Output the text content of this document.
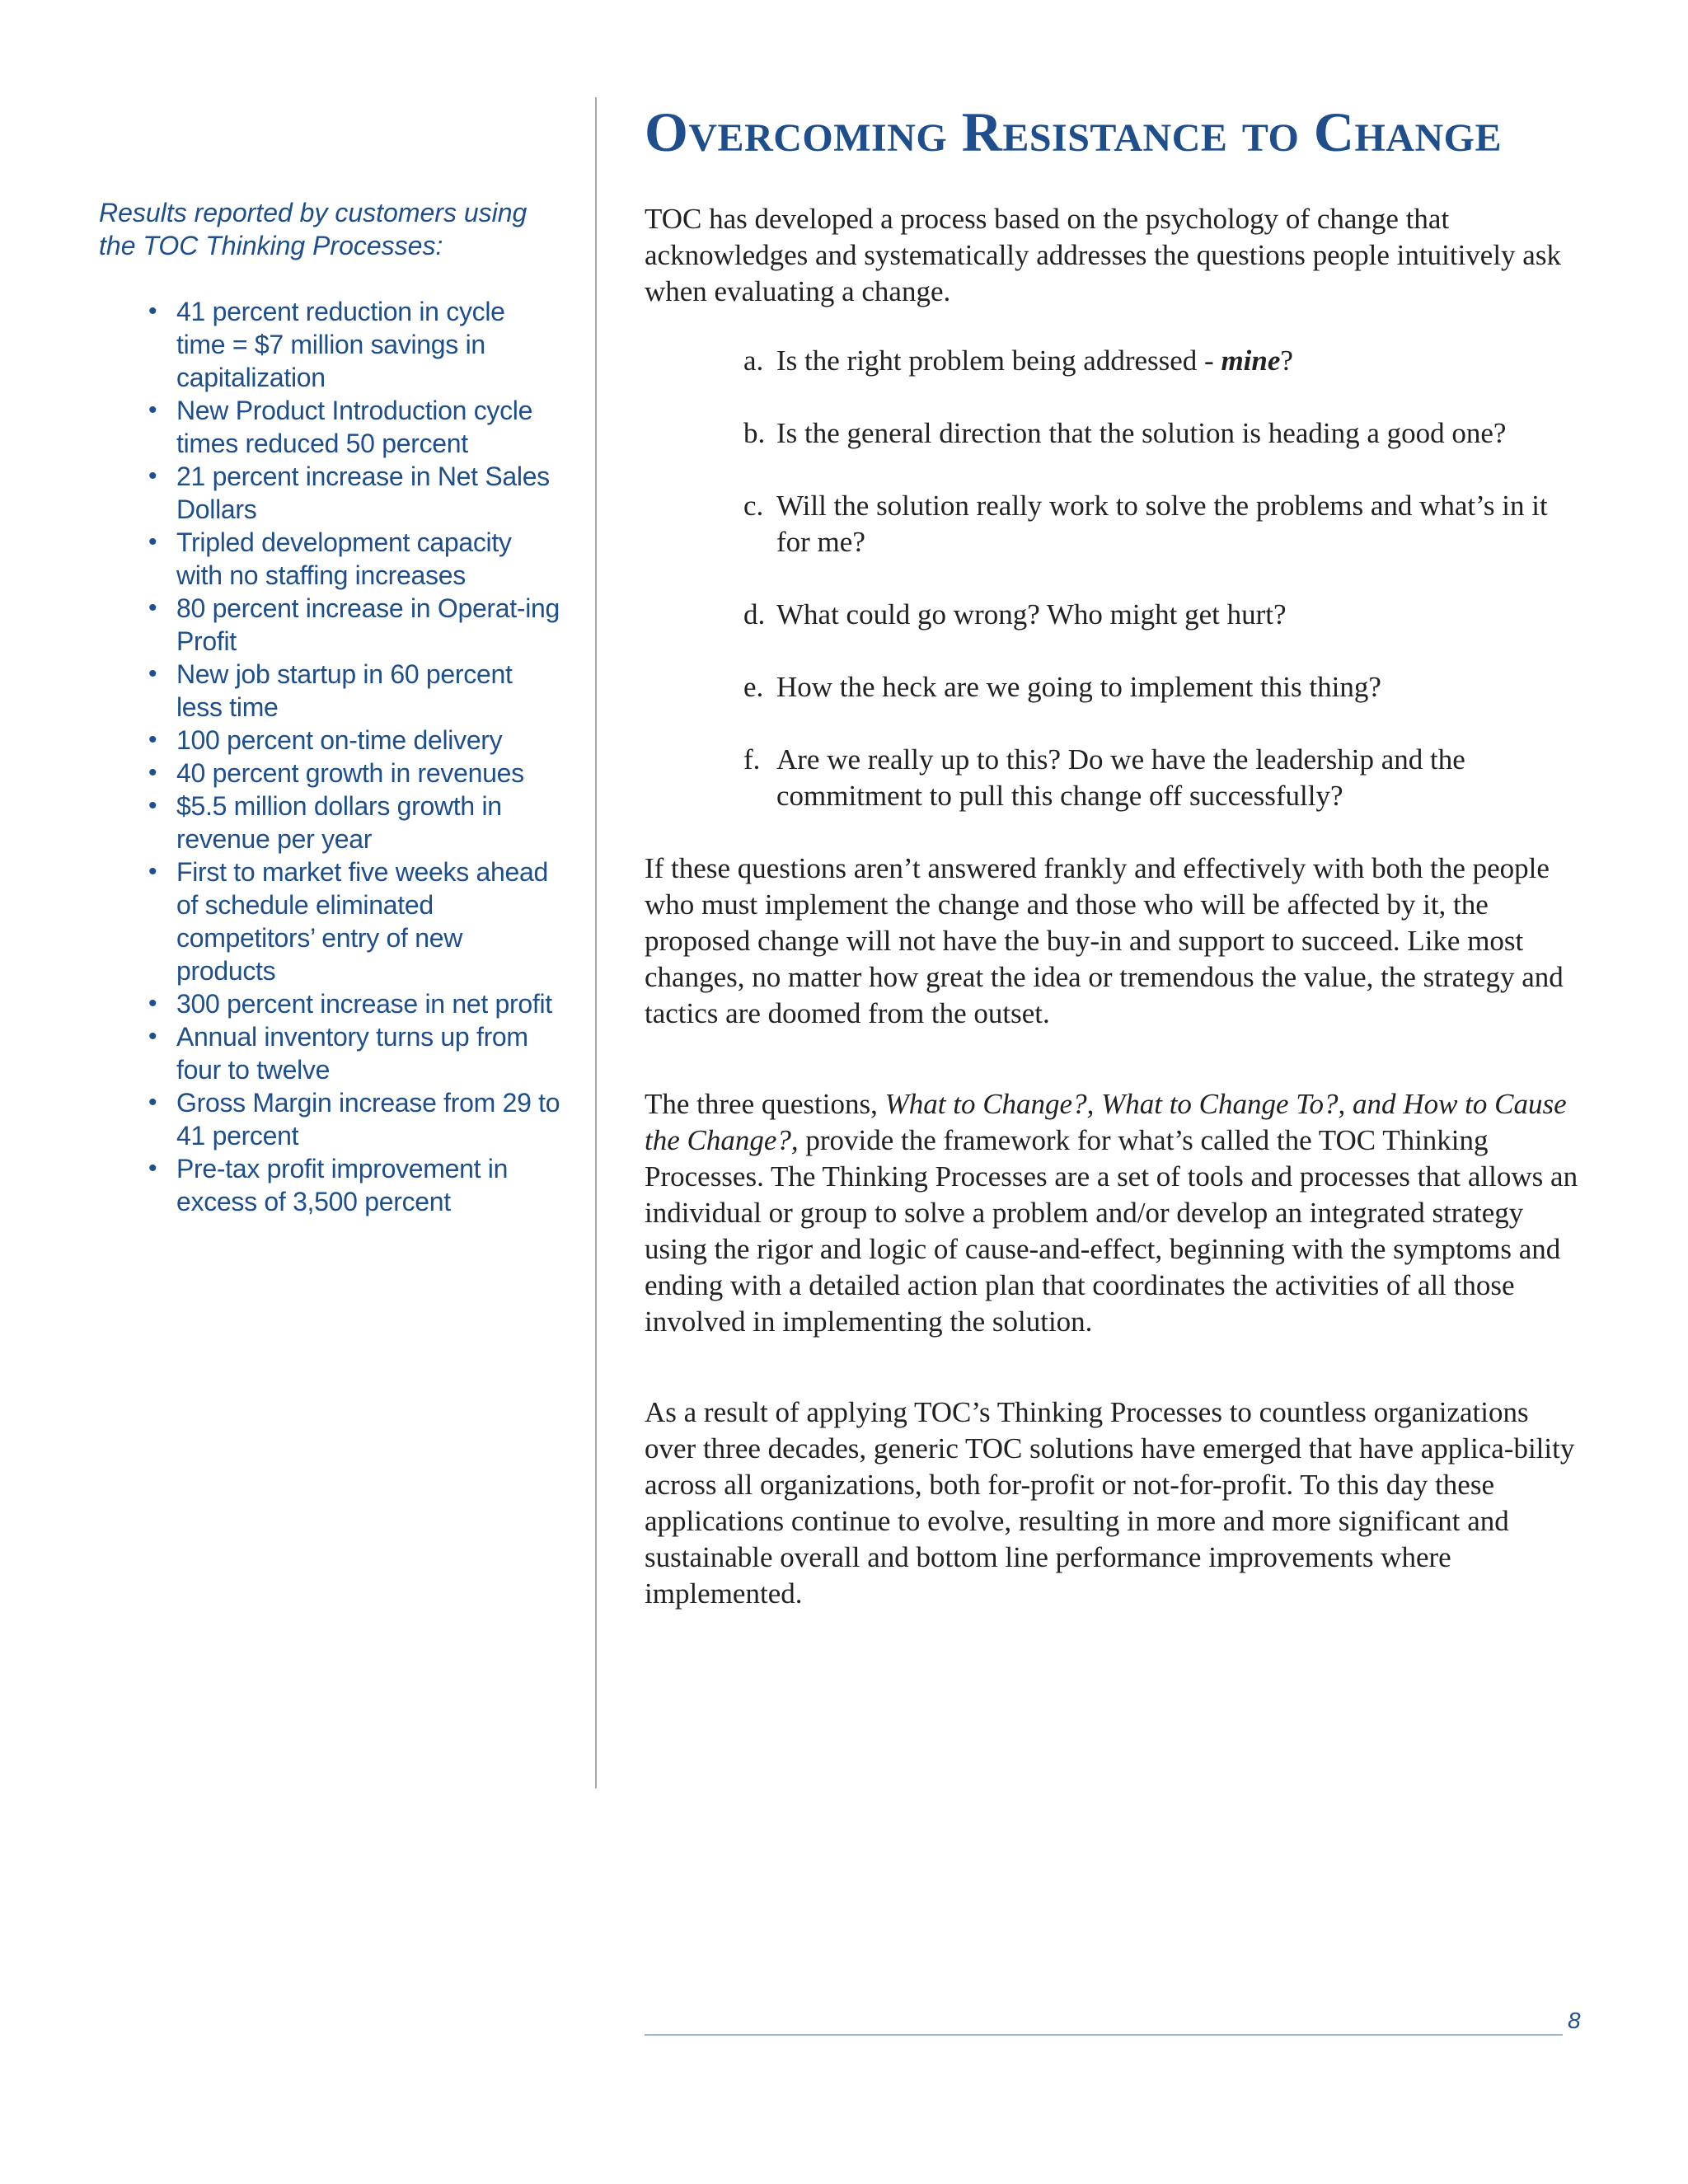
Results reported by customers using
the TOC Thinking Processes:

• 41 percent reduction in cycle time = $7 million savings in capitalization
• New Product Introduction cycle times reduced 50 percent
• 21 percent increase in Net Sales Dollars
• Tripled development capacity with no staffing increases
• 80 percent increase in Operat-ing Profit
• New job startup in 60 percent less time
• 100 percent on-time delivery
• 40 percent growth in revenues
• $5.5 million dollars growth in revenue per year
• First to market five weeks ahead of schedule eliminated competitors’ entry of new products
• 300 percent increase in net profit
• Annual inventory turns up from four to twelve
• Gross Margin increase from 29 to 41 percent
• Pre-tax profit improvement in excess of 3,500 percent
Overcoming Resistance to Change

TOC has developed a process based on the psychology of change that acknowledges and systematically addresses the questions people intuitively ask when evaluating a change.

a. Is the right problem being addressed - mine?
b. Is the general direction that the solution is heading a good one?
c. Will the solution really work to solve the problems and what’s in it for me?
d. What could go wrong? Who might get hurt?
e. How the heck are we going to implement this thing?
f. Are we really up to this? Do we have the leadership and the commitment to pull this change off successfully?

If these questions aren’t answered frankly and effectively with both the people who must implement the change and those who will be affected by it, the proposed change will not have the buy-in and support to succeed. Like most changes, no matter how great the idea or tremendous the value, the strategy and tactics are doomed from the outset.

The three questions, What to Change?, What to Change To?, and How to Cause the Change?, provide the framework for what’s called the TOC Thinking Processes. The Thinking Processes are a set of tools and processes that allows an individual or group to solve a problem and/or develop an integrated strategy using the rigor and logic of cause-and-effect, beginning with the symptoms and ending with a detailed action plan that coordinates the activities of all those involved in implementing the solution.

As a result of applying TOC’s Thinking Processes to countless organizations over three decades, generic TOC solutions have emerged that have applica-bility across all organizations, both for-profit or not-for-profit. To this day these applications continue to evolve, resulting in more and more significant and sustainable overall and bottom line performance improvements where implemented.

8
